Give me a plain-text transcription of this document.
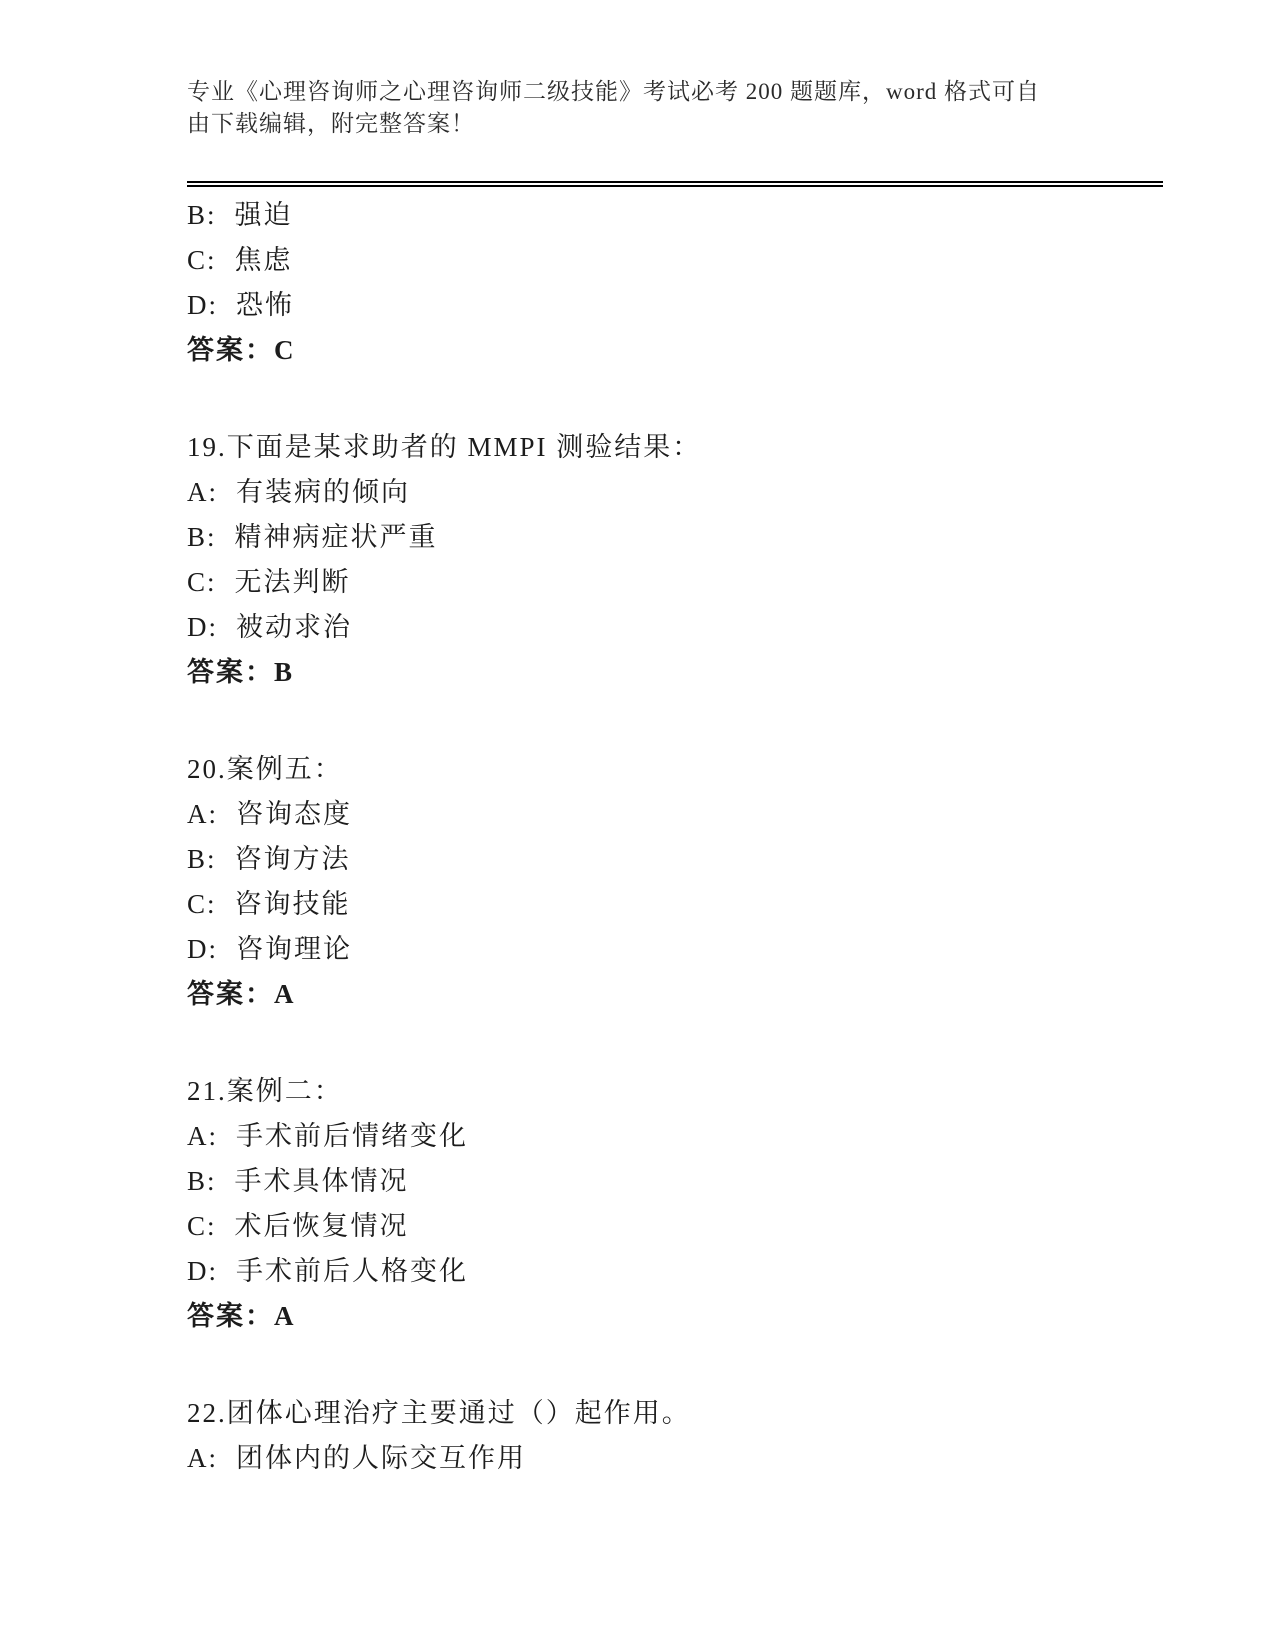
专业《心理咨询师之心理咨询师二级技能》考试必考 200 题题库，word 格式可自
由下载编辑，附完整答案！
B: 强迫
C: 焦虑
D: 恐怖
答案：C
19.下面是某求助者的 MMPI 测验结果：
A: 有装病的倾向
B: 精神病症状严重
C: 无法判断
D: 被动求治
答案：B
20.案例五：
A: 咨询态度
B: 咨询方法
C: 咨询技能
D: 咨询理论
答案：A
21.案例二：
A: 手术前后情绪变化
B: 手术具体情况
C: 术后恢复情况
D: 手术前后人格变化
答案：A
22.团体心理治疗主要通过（）起作用。
A: 团体内的人际交互作用
